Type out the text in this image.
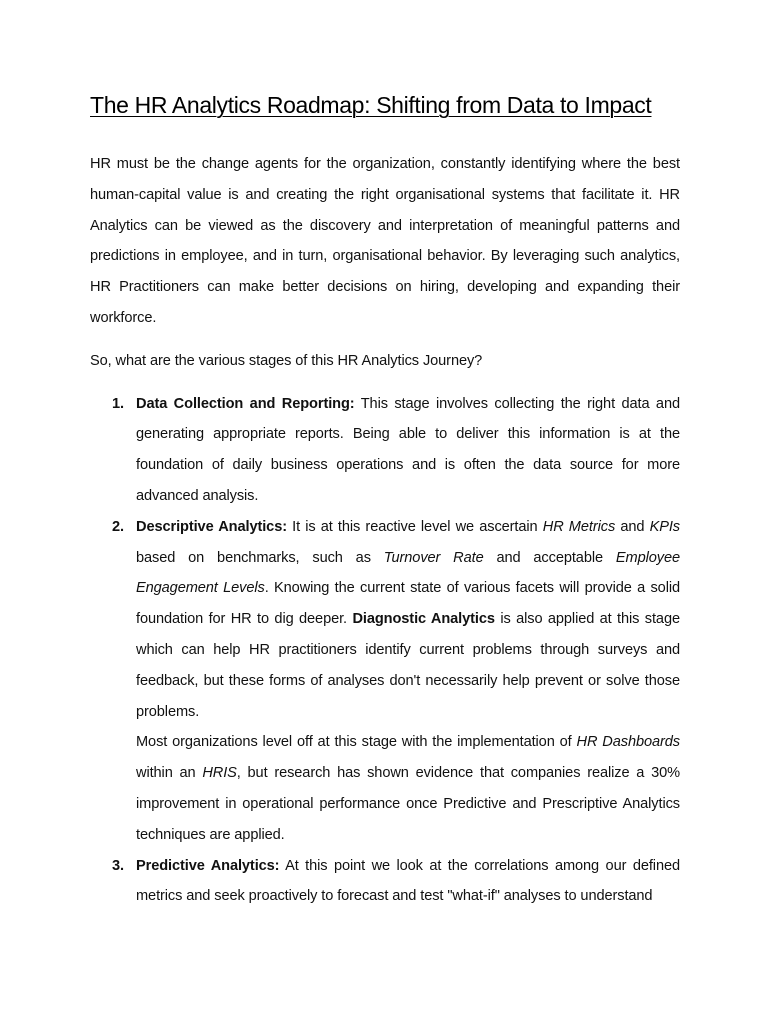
The HR Analytics Roadmap: Shifting from Data to Impact

HR must be the change agents for the organization, constantly identifying where the best human-capital value is and creating the right organisational systems that facilitate it. HR Analytics can be viewed as the discovery and interpretation of meaningful patterns and predictions in employee, and in turn, organisational behavior. By leveraging such analytics, HR Practitioners can make better decisions on hiring, developing and expanding their workforce.

So, what are the various stages of this HR Analytics Journey?

1. Data Collection and Reporting: This stage involves collecting the right data and generating appropriate reports. Being able to deliver this information is at the foundation of daily business operations and is often the data source for more advanced analysis.

2. Descriptive Analytics: It is at this reactive level we ascertain HR Metrics and KPIs based on benchmarks, such as Turnover Rate and acceptable Employee Engagement Levels. Knowing the current state of various facets will provide a solid foundation for HR to dig deeper. Diagnostic Analytics is also applied at this stage which can help HR practitioners identify current problems through surveys and feedback, but these forms of analyses don't necessarily help prevent or solve those problems.

Most organizations level off at this stage with the implementation of HR Dashboards within an HRIS, but research has shown evidence that companies realize a 30% improvement in operational performance once Predictive and Prescriptive Analytics techniques are applied.

3. Predictive Analytics: At this point we look at the correlations among our defined metrics and seek proactively to forecast and test "what-if" analyses to understand
